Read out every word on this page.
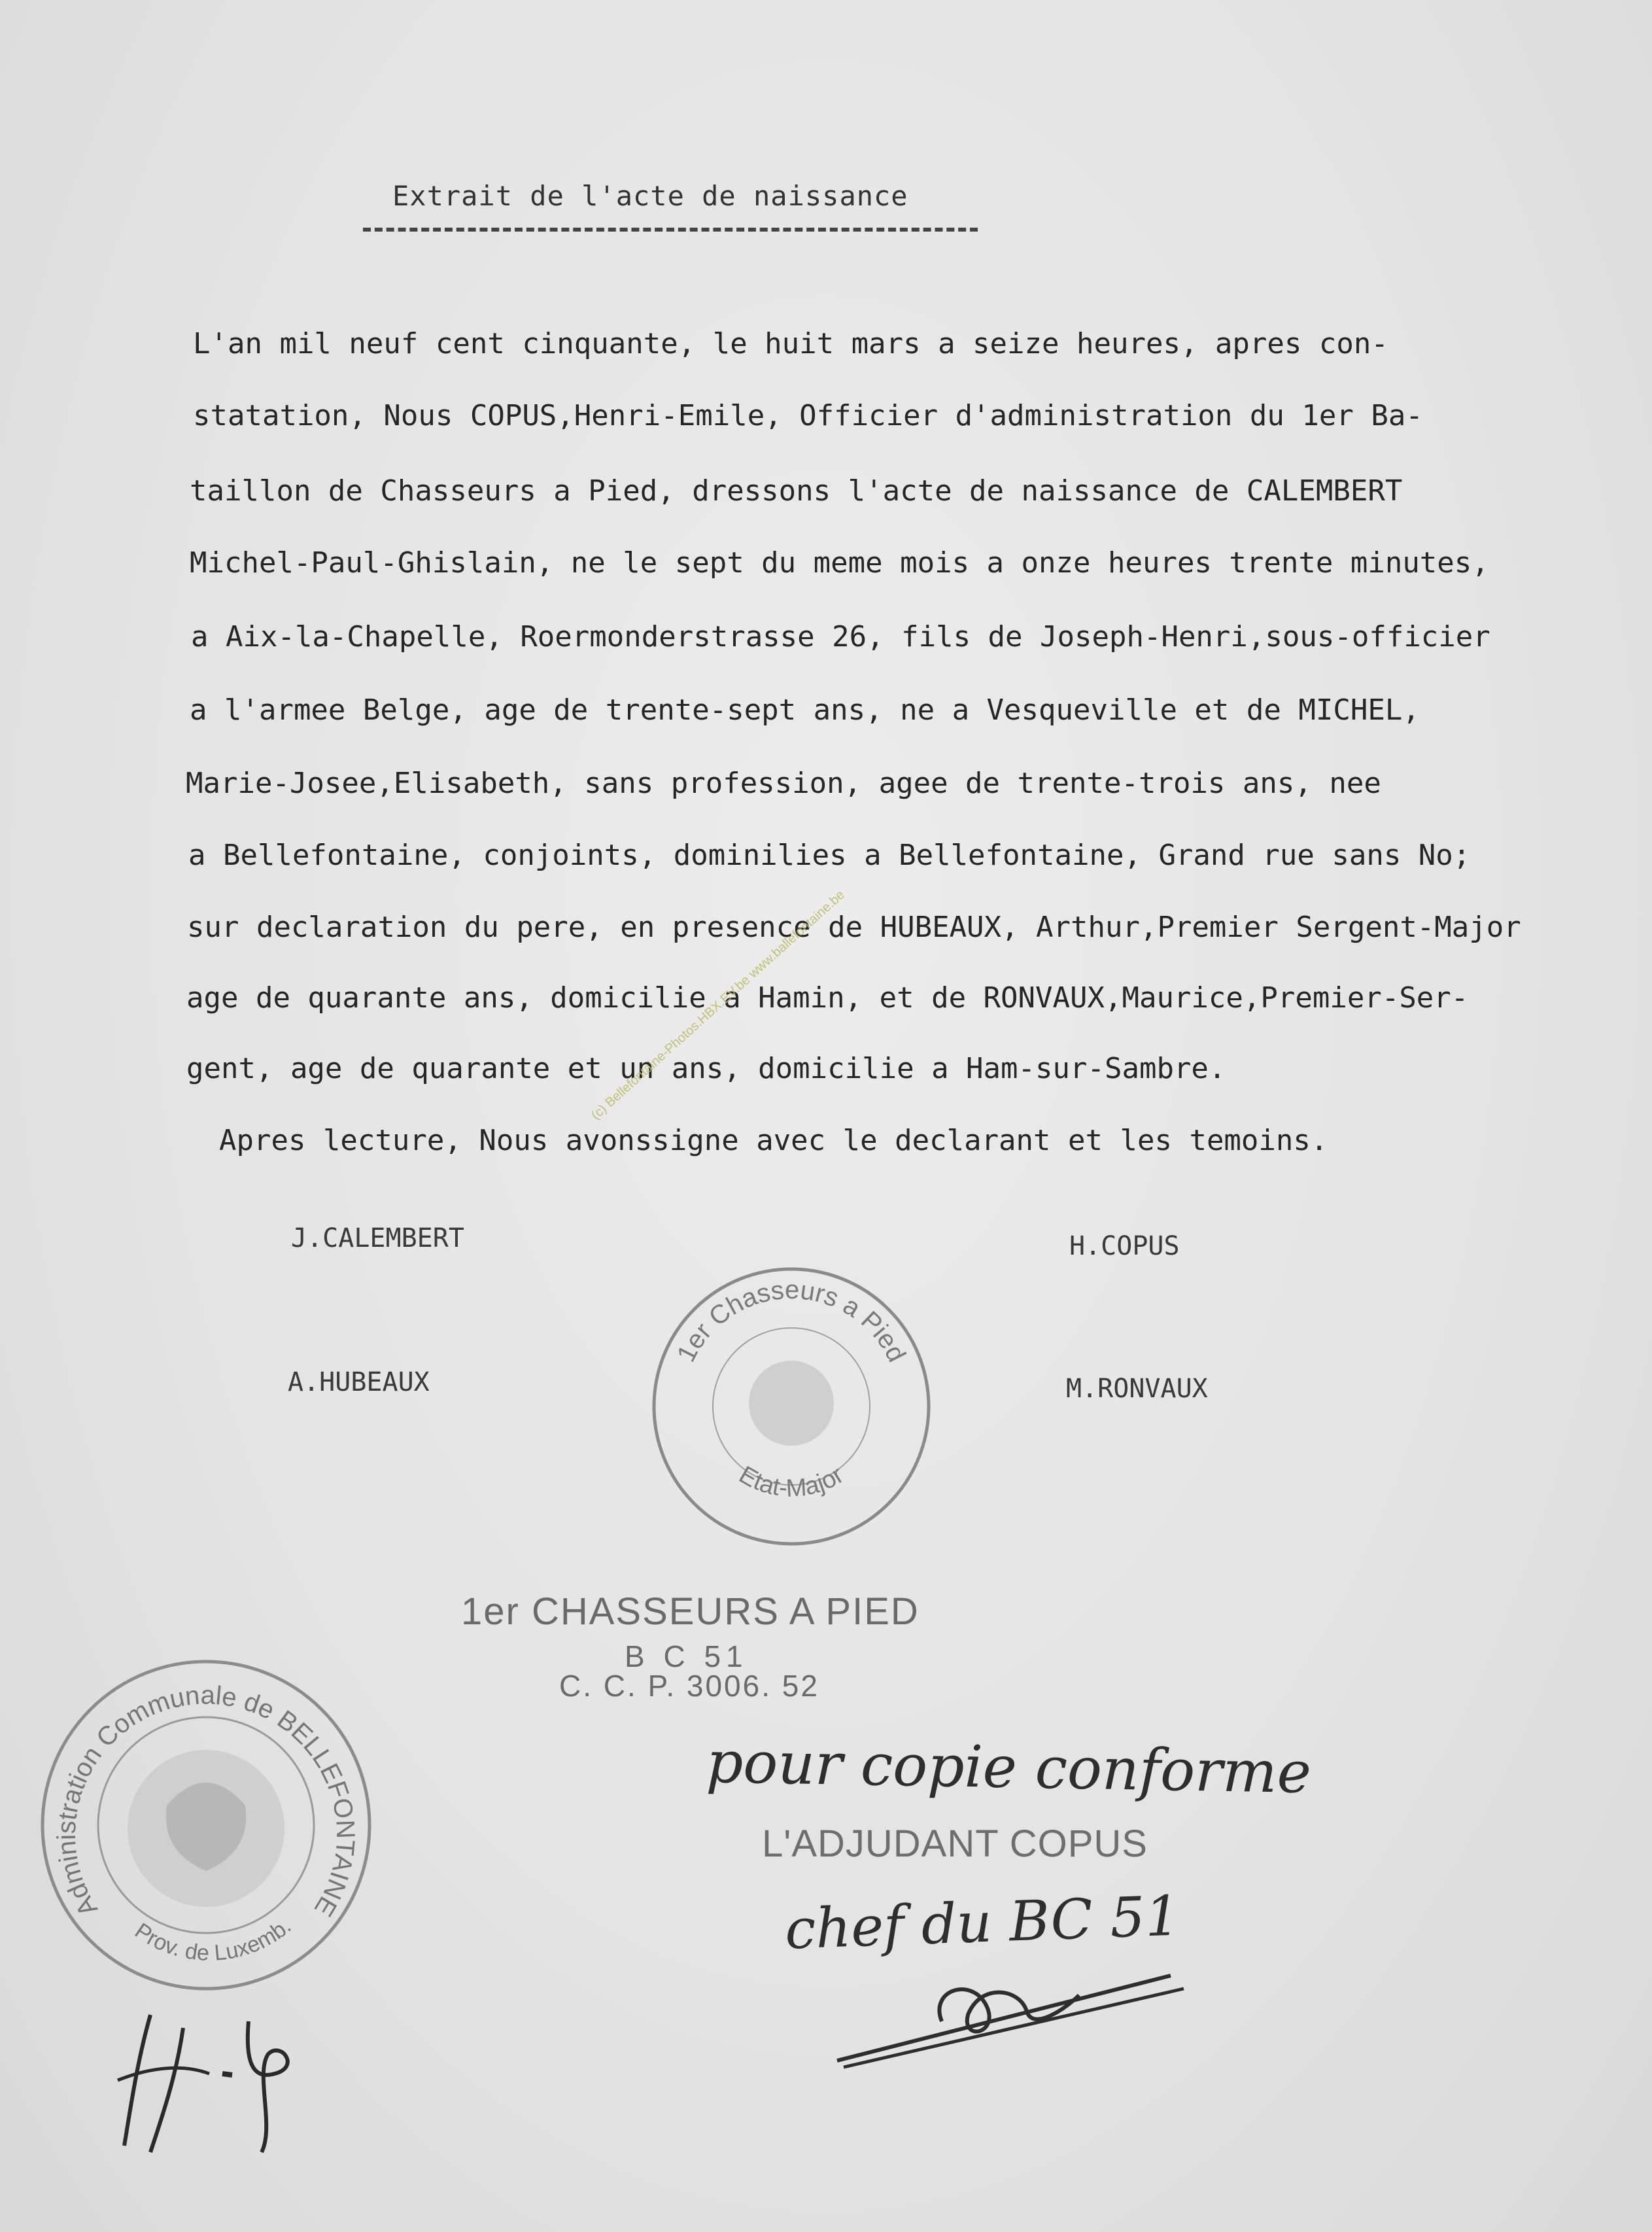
Extrait de l'acte de naissance
L'an mil neuf cent cinquante, le huit mars a seize heures, apres con-
statation, Nous COPUS,Henri-Emile, Officier d'administration du 1er Ba-
taillon de Chasseurs a Pied, dressons l'acte de naissance de CALEMBERT
Michel-Paul-Ghislain, ne le sept du meme mois a onze heures trente minutes,
a Aix-la-Chapelle, Roermonderstrasse 26, fils de Joseph-Henri,sous-officier
a l'armee Belge, age de trente-sept ans, ne a Vesqueville et de MICHEL,
Marie-Josee,Elisabeth, sans profession, agee de trente-trois ans, nee
a Bellefontaine, conjoints, dominilies a Bellefontaine, Grand rue sans No;
sur declaration du pere, en presence de HUBEAUX, Arthur,Premier Sergent-Major
age de quarante ans, domicilie a Hamin, et de RONVAUX,Maurice,Premier-Ser-
gent, age de quarante et un ans, domicilie a Ham-sur-Sambre.
Apres lecture, Nous avonssigne avec le declarant et les temoins.
(c) Bellefontaine-Photos.HBX.EV.be www.ballefontaine.be
J.CALEMBERT	H.COPUS
A.HUBEAUX	M.RONVAUX
1er Chasseurs a Pied
Etat-Major
1er CHASSEURS A PIED
B C 51
C. C. P. 3006. 52
Administration Communale de BELLEFONTAINE
Prov. de Luxemb.
pour copie conforme
L'ADJUDANT COPUS
chef du BC 51
